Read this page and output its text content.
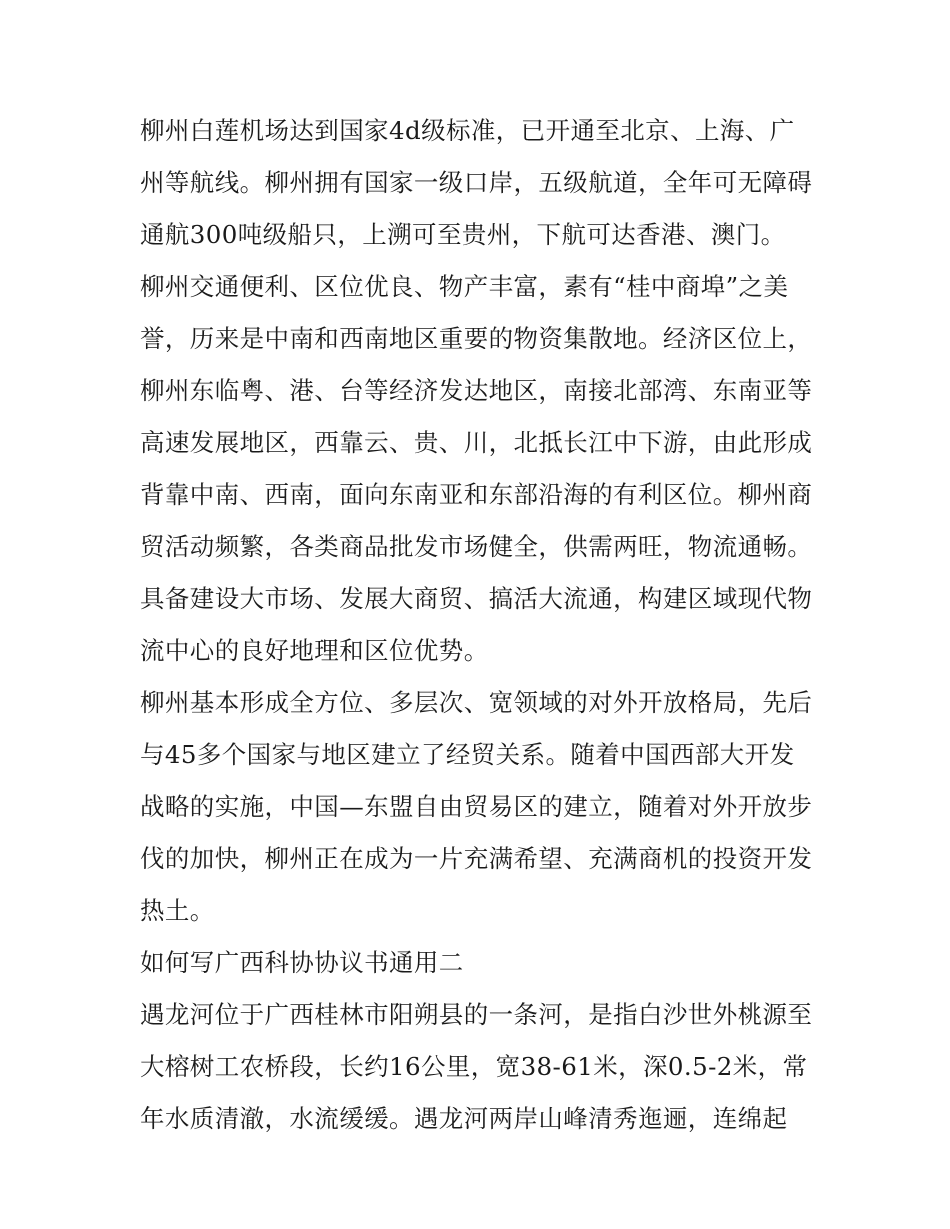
柳州白莲机场达到国家4d级标准，已开通至北京、上海、广
州等航线。柳州拥有国家一级口岸，五级航道，全年可无障碍
通航300吨级船只，上溯可至贵州，下航可达香港、澳门。
柳州交通便利、区位优良、物产丰富，素有“桂中商埠”之美
誉，历来是中南和西南地区重要的物资集散地。经济区位上，
柳州东临粤、港、台等经济发达地区，南接北部湾、东南亚等
高速发展地区，西靠云、贵、川，北抵长江中下游，由此形成
背靠中南、西南，面向东南亚和东部沿海的有利区位。柳州商
贸活动频繁，各类商品批发市场健全，供需两旺，物流通畅。
具备建设大市场、发展大商贸、搞活大流通，构建区域现代物
流中心的良好地理和区位优势。
柳州基本形成全方位、多层次、宽领域的对外开放格局，先后
与45多个国家与地区建立了经贸关系。随着中国西部大开发
战略的实施，中国—东盟自由贸易区的建立，随着对外开放步
伐的加快，柳州正在成为一片充满希望、充满商机的投资开发
热土。
如何写广西科协协议书通用二
遇龙河位于广西桂林市阳朔县的一条河，是指白沙世外桃源至
大榕树工农桥段，长约16公里，宽38-61米，深0.5-2米，常
年水质清澈，水流缓缓。遇龙河两岸山峰清秀迤逦，连绵起
